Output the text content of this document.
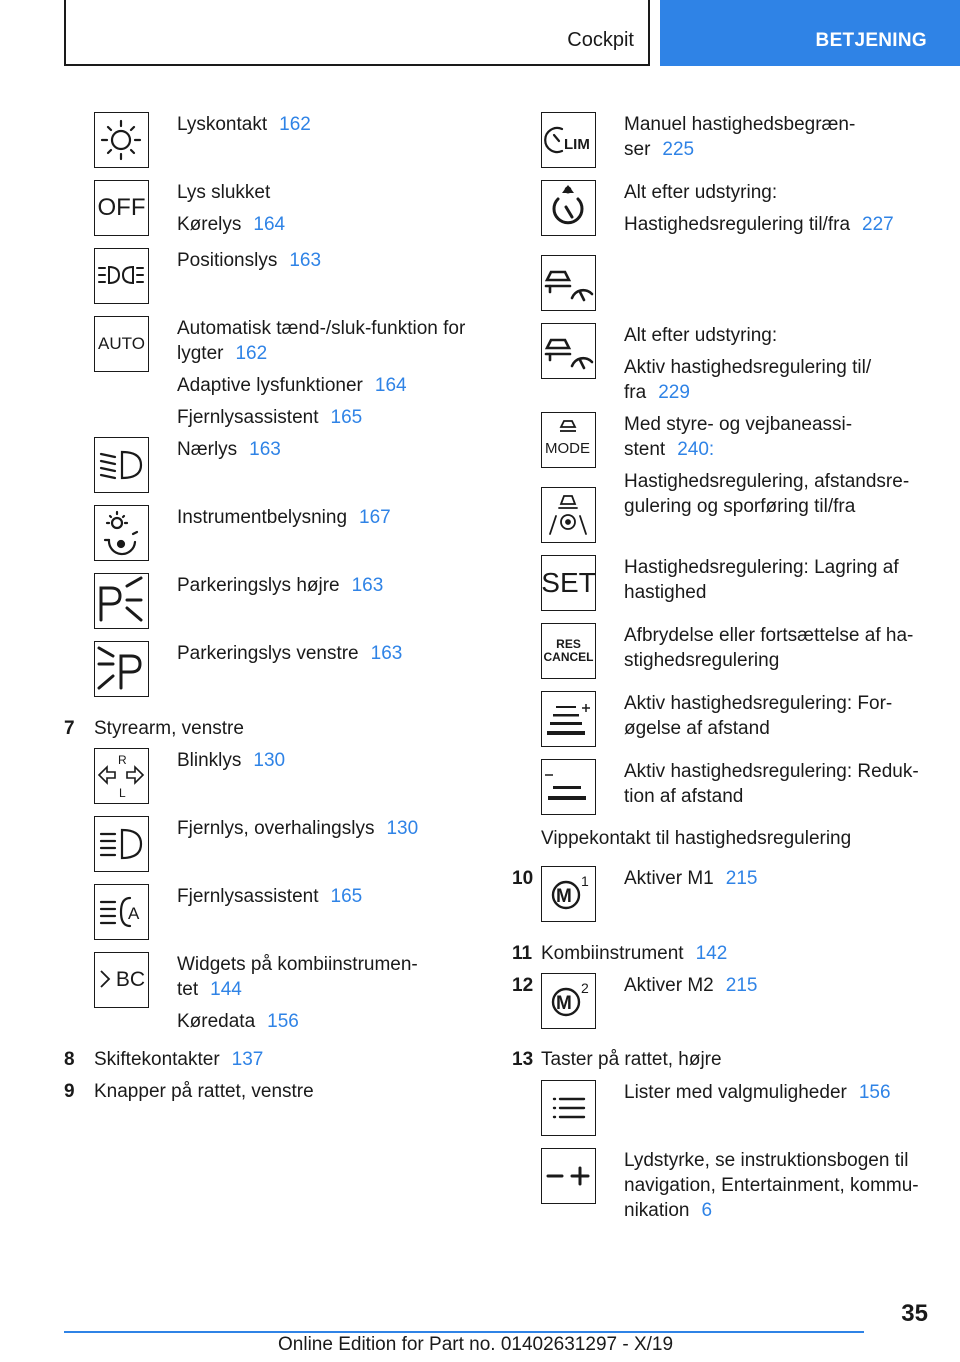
Cockpit	BETJENING
Lyskontakt 162
OFF
Lys slukket
Kørelys 164
Positionslys 163
AUTO
Automatisk tænd-/sluk-funktion for
lygter 162
Adaptive lysfunktioner 164
Fjernlysassistent 165
Nærlys 163
Instrumentbelysning 167
Parkeringslys højre 163
Parkeringslys venstre 163
7 Styrearm, venstre
R
L
Blinklys 130
Fjernlys, overhalingslys 130
A
Fjernlysassistent 165
BC
Widgets på kombiinstrumen-
tet 144
Køredata 156
8 Skiftekontakter 137
9 Knapper på rattet, venstre
LIM
Manuel hastighedsbegræn-
ser 225
Alt efter udstyring:
Hastighedsregulering til/fra 227
Alt efter udstyring:
Aktiv hastighedsregulering til/
fra 229
MODE
Med styre- og vejbaneassi-
stent 240:
Hastighedsregulering, afstandsre-
gulering og sporføring til/fra
SET Hastighedsregulering: Lagring af
hastighed
RES CANCEL
Afbrydelse eller fortsættelse af ha-
stighedsregulering
Aktiv hastighedsregulering: For-
øgelse af afstand
Aktiv hastighedsregulering: Reduk-
tion af afstand
Vippekontakt til hastighedsregulering
10
M
1 Aktiver M1 215
11 Kombiinstrument 142
12
M
2 Aktiver M2 215
13 Taster på rattet, højre
Lister med valgmuligheder 156
Lydstyrke, se instruktionsbogen til
navigation, Entertainment, kommu-
nikation 6
35
Online Edition for Part no. 01402631297 - X/19
